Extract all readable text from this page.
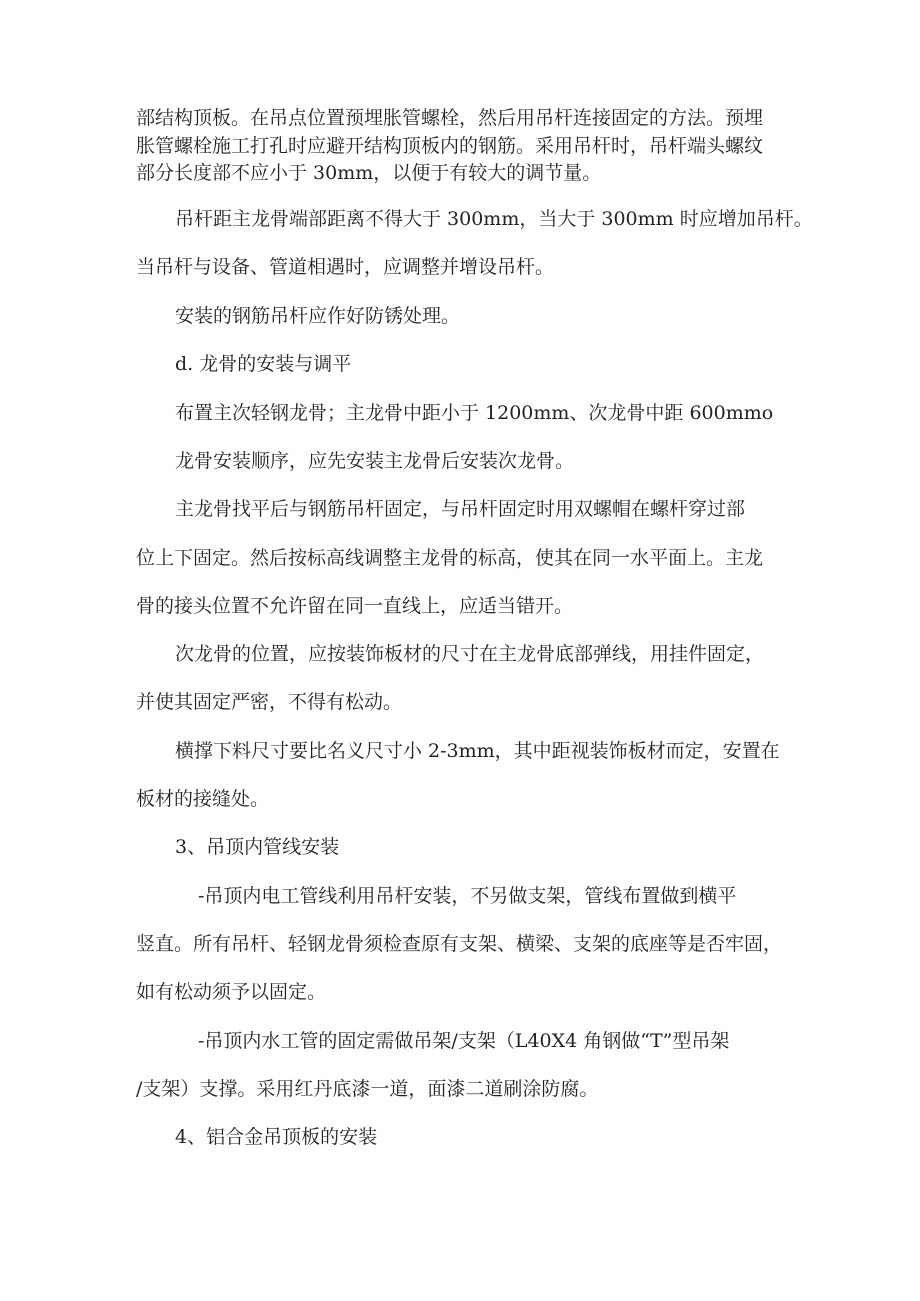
部结构顶板。在吊点位置预埋胀管螺栓，然后用吊杆连接固定的方法。预埋
胀管螺栓施工打孔时应避开结构顶板内的钢筋。采用吊杆时，吊杆端头螺纹
部分长度部不应小于 30mm，以便于有较大的调节量。
吊杆距主龙骨端部距离不得大于 300mm，当大于 300mm 时应增加吊杆。
当吊杆与设备、管道相遇时，应调整并增设吊杆。
安装的钢筋吊杆应作好防锈处理。
d. 龙骨的安装与调平
布置主次轻钢龙骨；主龙骨中距小于 1200mm、次龙骨中距 600mmo
龙骨安装顺序，应先安装主龙骨后安装次龙骨。
主龙骨找平后与钢筋吊杆固定，与吊杆固定时用双螺帽在螺杆穿过部
位上下固定。然后按标高线调整主龙骨的标高，使其在同一水平面上。主龙
骨的接头位置不允许留在同一直线上，应适当错开。
次龙骨的位置，应按装饰板材的尺寸在主龙骨底部弹线，用挂件固定，
并使其固定严密，不得有松动。
横撑下料尺寸要比名义尺寸小 2-3mm，其中距视装饰板材而定，安置在
板材的接缝处。
3、吊顶内管线安装
-吊顶内电工管线利用吊杆安装，不另做支架，管线布置做到横平
竖直。所有吊杆、轻钢龙骨须检查原有支架、横梁、支架的底座等是否牢固，
如有松动须予以固定。
-吊顶内水工管的固定需做吊架/支架（L40X4 角钢做“T”型吊架
/支架）支撑。采用红丹底漆一道，面漆二道刷涂防腐。
4、铝合金吊顶板的安装
